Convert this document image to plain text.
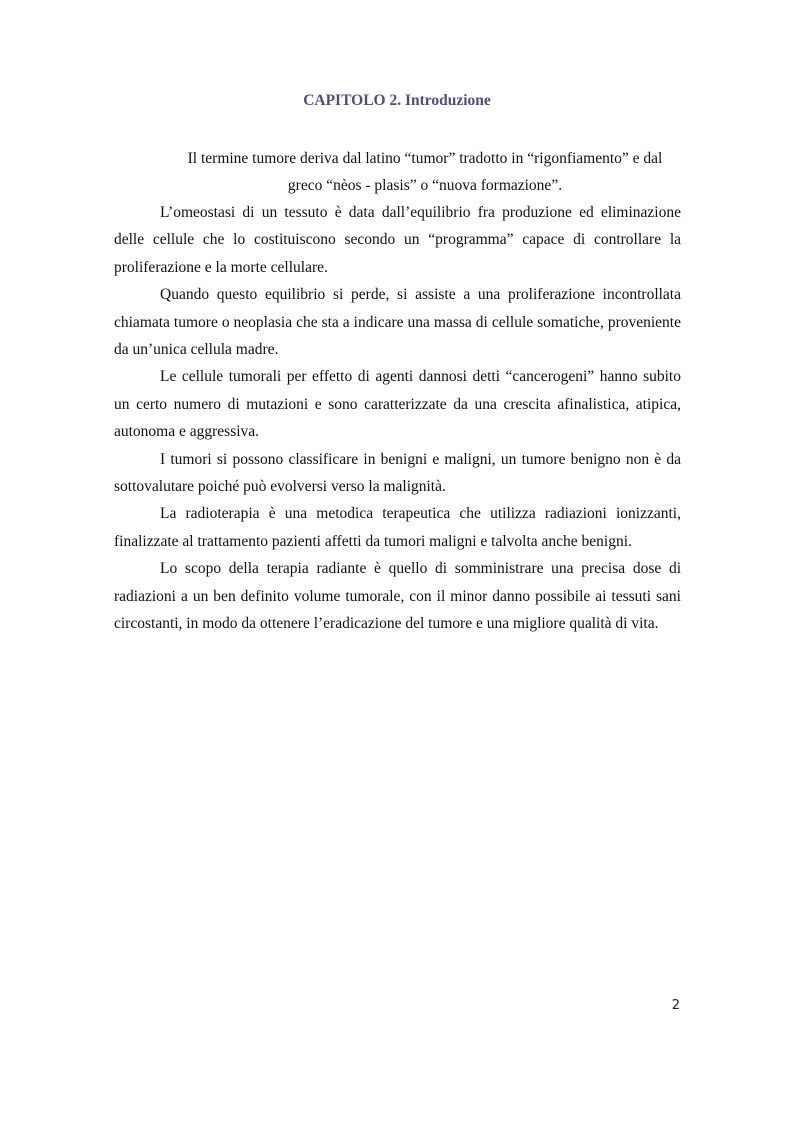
CAPITOLO 2. Introduzione
Il termine tumore deriva dal latino “tumor” tradotto in “rigonfiamento” e dal
greco “nèos - plasis” o “nuova formazione”.

L’omeostasi di un tessuto è data dall’equilibrio fra produzione ed eliminazione delle cellule che lo costituiscono secondo un “programma” capace di controllare la proliferazione e la morte cellulare.

Quando questo equilibrio si perde, si assiste a una proliferazione incontrollata chiamata tumore o neoplasia che sta a indicare una massa di cellule somatiche, proveniente da un’unica cellula madre.

Le cellule tumorali per effetto di agenti dannosi detti “cancerogeni” hanno subito un certo numero di mutazioni e sono caratterizzate da una crescita afinalistica, atipica, autonoma e aggressiva.

I tumori si possono classificare in benigni e maligni, un tumore benigno non è da sottovalutare poiché può evolversi verso la malignità.

La radioterapia è una metodica terapeutica che utilizza radiazioni ionizzanti, finalizzate al trattamento pazienti affetti da tumori maligni e talvolta anche benigni.

Lo scopo della terapia radiante è quello di somministrare una precisa dose di radiazioni a un ben definito volume tumorale, con il minor danno possibile ai tessuti sani circostanti, in modo da ottenere l’eradicazione del tumore e una migliore qualità di vita.

2
